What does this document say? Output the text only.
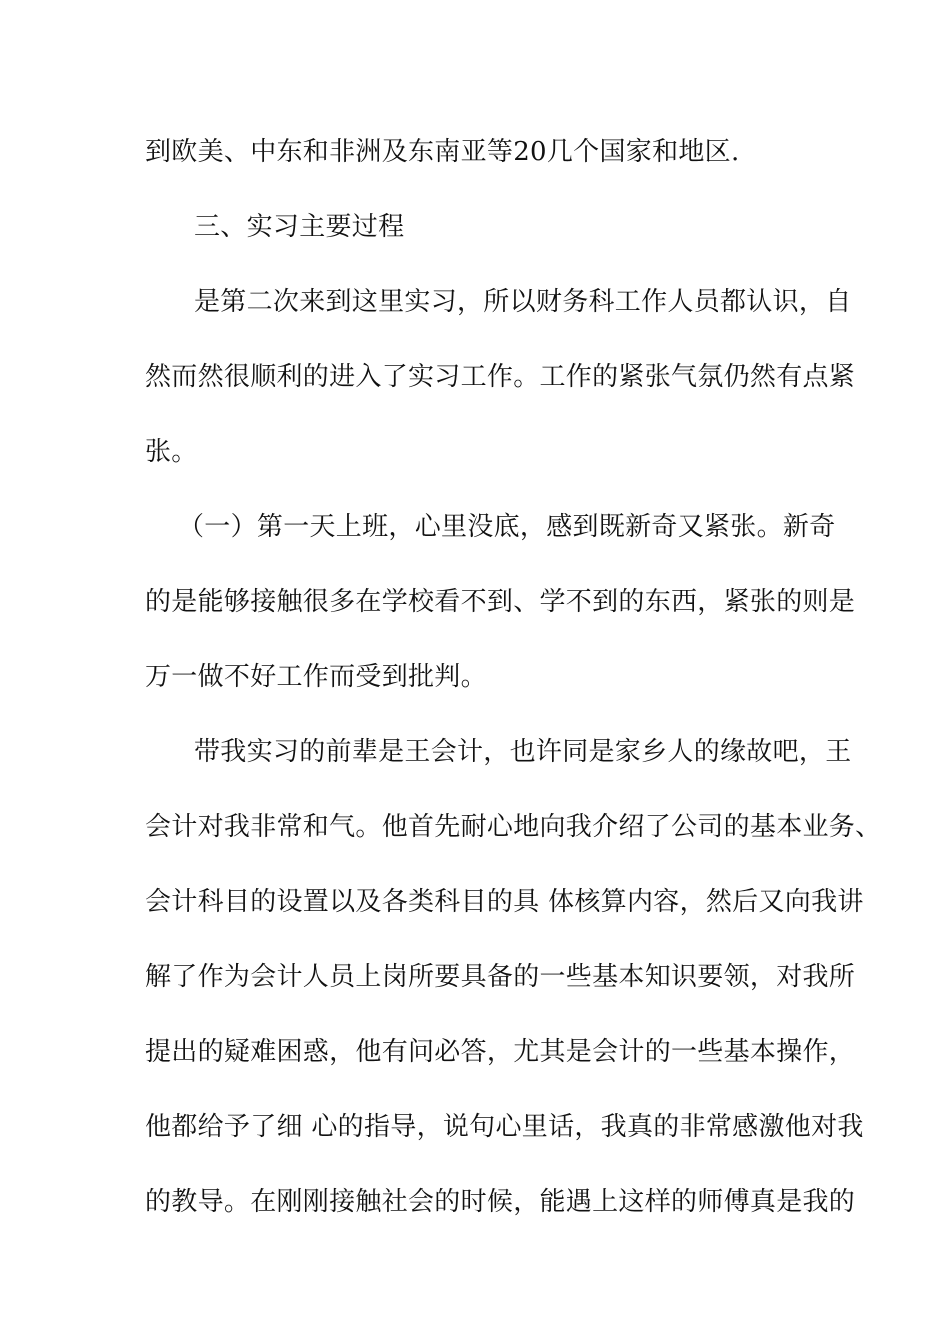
到欧美、中东和非洲及东南亚等20几个国家和地区.
三、实习主要过程
是第二次来到这里实习，所以财务科工作人员都认识，自
然而然很顺利的进入了实习工作。工作的紧张气氛仍然有点紧
张。
（一）第一天上班，心里没底，感到既新奇又紧张。新奇
的是能够接触很多在学校看不到、学不到的东西，紧张的则是
万一做不好工作而受到批判。
带我实习的前辈是王会计，也许同是家乡人的缘故吧，王
会计对我非常和气。他首先耐心地向我介绍了公司的基本业务、
会计科目的设置以及各类科目的具 体核算内容，然后又向我讲
解了作为会计人员上岗所要具备的一些基本知识要领，对我所
提出的疑难困惑，他有问必答，尤其是会计的一些基本操作，
他都给予了细 心的指导，说句心里话，我真的非常感激他对我
的教导。在刚刚接触社会的时候，能遇上这样的师傅真是我的
